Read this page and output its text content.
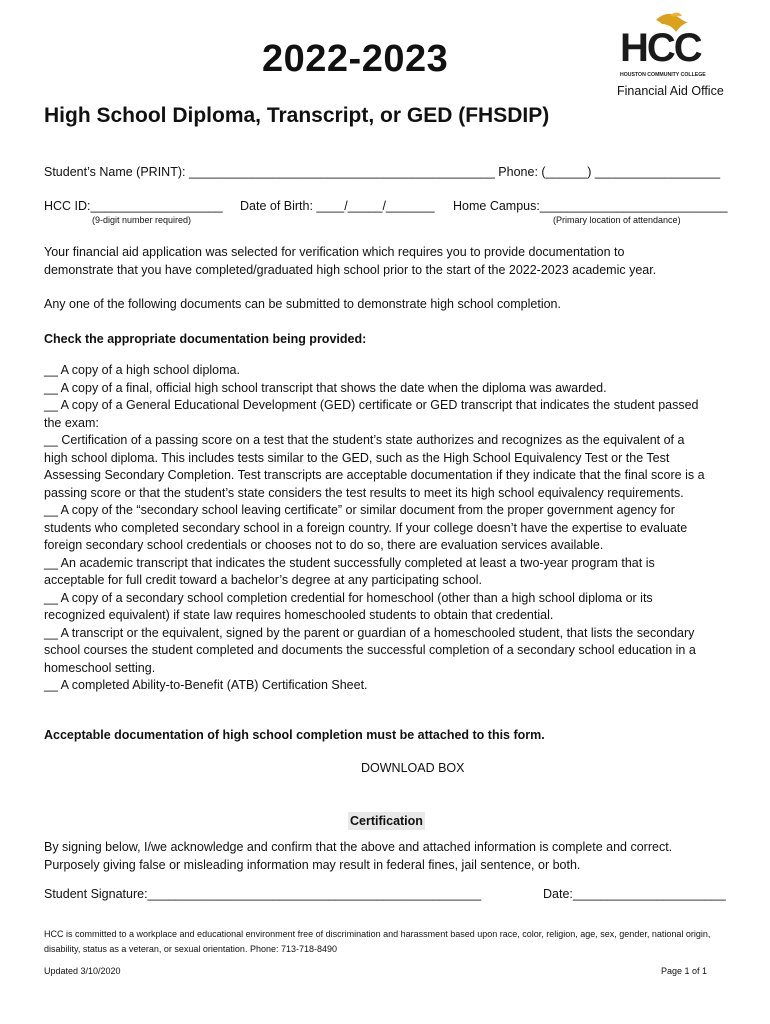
HCC
HOUSTON COMMUNITY COLLEGE
2022-2023
Financial Aid Office
High School Diploma, Transcript, or GED (FHSDIP)
Student’s Name (PRINT): ____________________________________________ Phone: (______) __________________
HCC ID:___________________ Date of Birth: ____/_____/_______ Home Campus:___________________________
(9-digit number required)	(Primary location of attendance)

Your financial aid application was selected for verification which requires you to provide documentation to
demonstrate that you have completed/graduated high school prior to the start of the 2022-2023 academic year.

Any one of the following documents can be submitted to demonstrate high school completion.

Check the appropriate documentation being provided:

__ A copy of a high school diploma.
__ A copy of a final, official high school transcript that shows the date when the diploma was awarded.
__ A copy of a General Educational Development (GED) certificate or GED transcript that indicates the student passed
the exam:
__ Certification of a passing score on a test that the student’s state authorizes and recognizes as the equivalent of a
high school diploma. This includes tests similar to the GED, such as the High School Equivalency Test or the Test
Assessing Secondary Completion. Test transcripts are acceptable documentation if they indicate that the final score is a
passing score or that the student’s state considers the test results to meet its high school equivalency requirements.
__ A copy of the “secondary school leaving certificate” or similar document from the proper government agency for
students who completed secondary school in a foreign country. If your college doesn’t have the expertise to evaluate
foreign secondary school credentials or chooses not to do so, there are evaluation services available.
__ An academic transcript that indicates the student successfully completed at least a two-year program that is
acceptable for full credit toward a bachelor’s degree at any participating school.
__ A copy of a secondary school completion credential for homeschool (other than a high school diploma or its
recognized equivalent) if state law requires homeschooled students to obtain that credential.
__ A transcript or the equivalent, signed by the parent or guardian of a homeschooled student, that lists the secondary
school courses the student completed and documents the successful completion of a secondary school education in a
homeschool setting.
__ A completed Ability-to-Benefit (ATB) Certification Sheet.

Acceptable documentation of high school completion must be attached to this form.

DOWNLOAD BOX
Certification

By signing below, I/we acknowledge and confirm that the above and attached information is complete and correct.
Purposely giving false or misleading information may result in federal fines, jail sentence, or both.

Student Signature:________________________________________________	Date:______________________
HCC is committed to a workplace and educational environment free of discrimination and harassment based upon race, color, religion, age, sex, gender, national origin, disability, status as a veteran, or sexual orientation. Phone: 713-718-8490
Updated 3/10/2020	Page 1 of 1
